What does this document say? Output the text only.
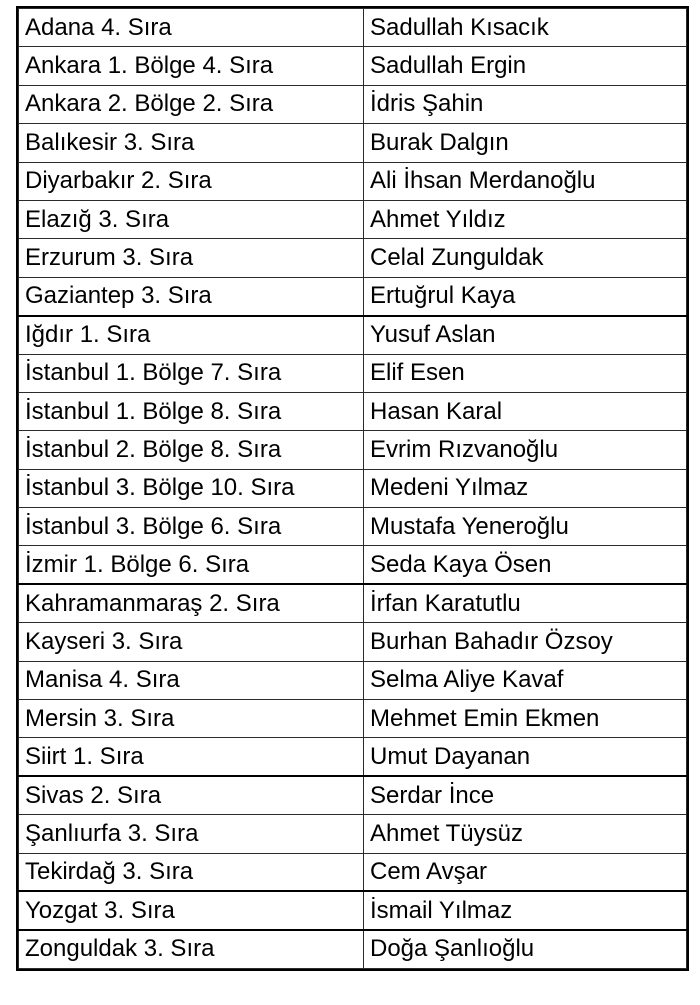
Adana 4. Sıra	Sadullah Kısacık
Ankara 1. Bölge 4. Sıra	Sadullah Ergin
Ankara 2. Bölge 2. Sıra	İdris Şahin
Balıkesir 3. Sıra	Burak Dalgın
Diyarbakır 2. Sıra	Ali İhsan Merdanoğlu
Elazığ 3. Sıra	Ahmet Yıldız
Erzurum 3. Sıra	Celal Zunguldak
Gaziantep 3. Sıra	Ertuğrul Kaya
Iğdır 1. Sıra	Yusuf Aslan
İstanbul 1. Bölge 7. Sıra	Elif Esen
İstanbul 1. Bölge 8. Sıra	Hasan Karal
İstanbul 2. Bölge 8. Sıra	Evrim Rızvanoğlu
İstanbul 3. Bölge 10. Sıra	Medeni Yılmaz
İstanbul 3. Bölge 6. Sıra	Mustafa Yeneroğlu
İzmir 1. Bölge 6. Sıra	Seda Kaya Ösen
Kahramanmaraş 2. Sıra	İrfan Karatutlu
Kayseri 3. Sıra	Burhan Bahadır Özsoy
Manisa 4. Sıra	Selma Aliye Kavaf
Mersin 3. Sıra	Mehmet Emin Ekmen
Siirt 1. Sıra	Umut Dayanan
Sivas 2. Sıra	Serdar İnce
Şanlıurfa 3. Sıra	Ahmet Tüysüz
Tekirdağ 3. Sıra	Cem Avşar
Yozgat 3. Sıra	İsmail Yılmaz
Zonguldak 3. Sıra	Doğa Şanlıoğlu
